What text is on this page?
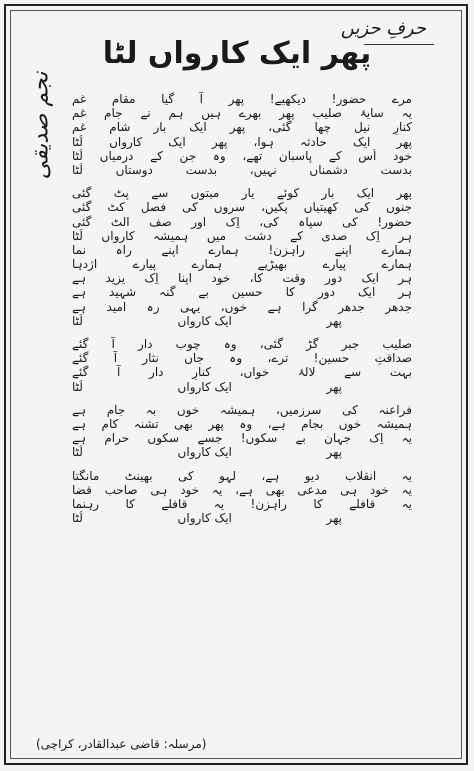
حرفِ حزیں
پھر ایک کارواں لٹا
نجم صدیقی مرے حضور! دیکھیے! پھر آ گیا مقامِ غم
یہ سایۂ صلیب پھر بھرے ہیں ہم نے جامِ غم
کنارِ نیل چھا گئی، پھر ایک بار شامِ غم
پھر ایک حادثہ ہوا، پھر ایک کارواں لُٹا
خود اُس کے پاسبان تھے، وہ جن کے درمیاں لُٹا
بدست دشمناں نہیں، بدست دوستاں لُٹا
پھر ایک بار کوئے یار میتوں سے پٹ گئی
جنوں کی کھیتیاں پکیں، سروں کی فصل کٹ گئی
حضور! کی سپاہ کی، اِک اور صف الٹ گئی
ہر اِک صدی کے دشت میں ہمیشہ کارواں لُٹا
ہمارے اپنے راہزن! ہمارے اپنے راہ نما
ہمارے پیارے بھیڑیے ہمارے پیارے اژدہا
ہر ایک دور وقت کا، خود اپنا اِک یزید ہے
ہر ایک دور کا حسین بے گنہ شہید ہے
جدھر جدھر گرا ہے خوں، یہی رہ امید ہے
پھر
ایک کارواں
لُٹا
صلیب جبر گڑ گئی، وہ چوب دار آ گئے
صداقتِ حسین! ترے، وہ جاں نثار آ گئے
بہت سے لالۂ خواں، کنارِ دار آ گئے
پھر
ایک کارواں
لُٹا
فراعنہ کی سرزمیں، ہمیشہ خوں بہ جام ہے
ہمیشہ خوں بجام ہے، وہ پھر بھی تشنہ کام ہے
یہ اِک جہان بے سکوں! جسے سکوں حرام ہے
پھر
ایک کارواں
لُٹا
یہ انقلاب دیو ہے، لہو کی بھینٹ مانگتا
یہ خود ہی مدعی بھی ہے، یہ خود ہی صاحبِ قضا
یہ قافلے کا راہزن! یہ قافلے کا رہنما
پھر
ایک کارواں
لُٹا
(مرسلہ: قاضی عبدالقادر، کراچی)
